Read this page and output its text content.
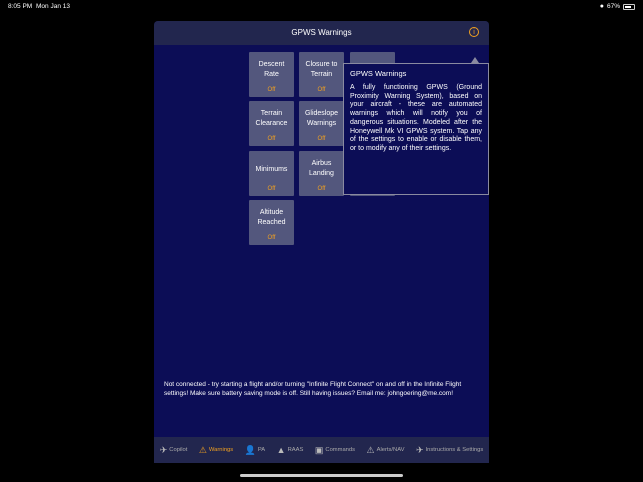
8:05 PM Mon Jan 13	● 67%
GPWS Warnings	i
Descent Rate
Off
Closure to Terrain
Off
Terrain Clearance
Off
Glideslope Warnings
Off
Minimums
Off
Airbus Landing
Off
Altitude Reached
Off
GPWS Warnings
A fully functioning GPWS (Ground Proximity Warning System), based on your aircraft - these are automated warnings which will notify you of dangerous situations. Modeled after the Honeywell Mk VI GPWS system. Tap any of the settings to enable or disable them, or to modify any of their settings.
Not connected - try starting a flight and/or turning "Infinite Flight Connect" on and off in the Infinite Flight settings! Make sure battery saving mode is off. Still having issues? Email me: johngoering@me.com!
✈ Copilot ⚠ Warnings 👤 PA ▲ RAAS ▣ Commands ⚠ Alerts/NAV ✈ Instructions & Settings
